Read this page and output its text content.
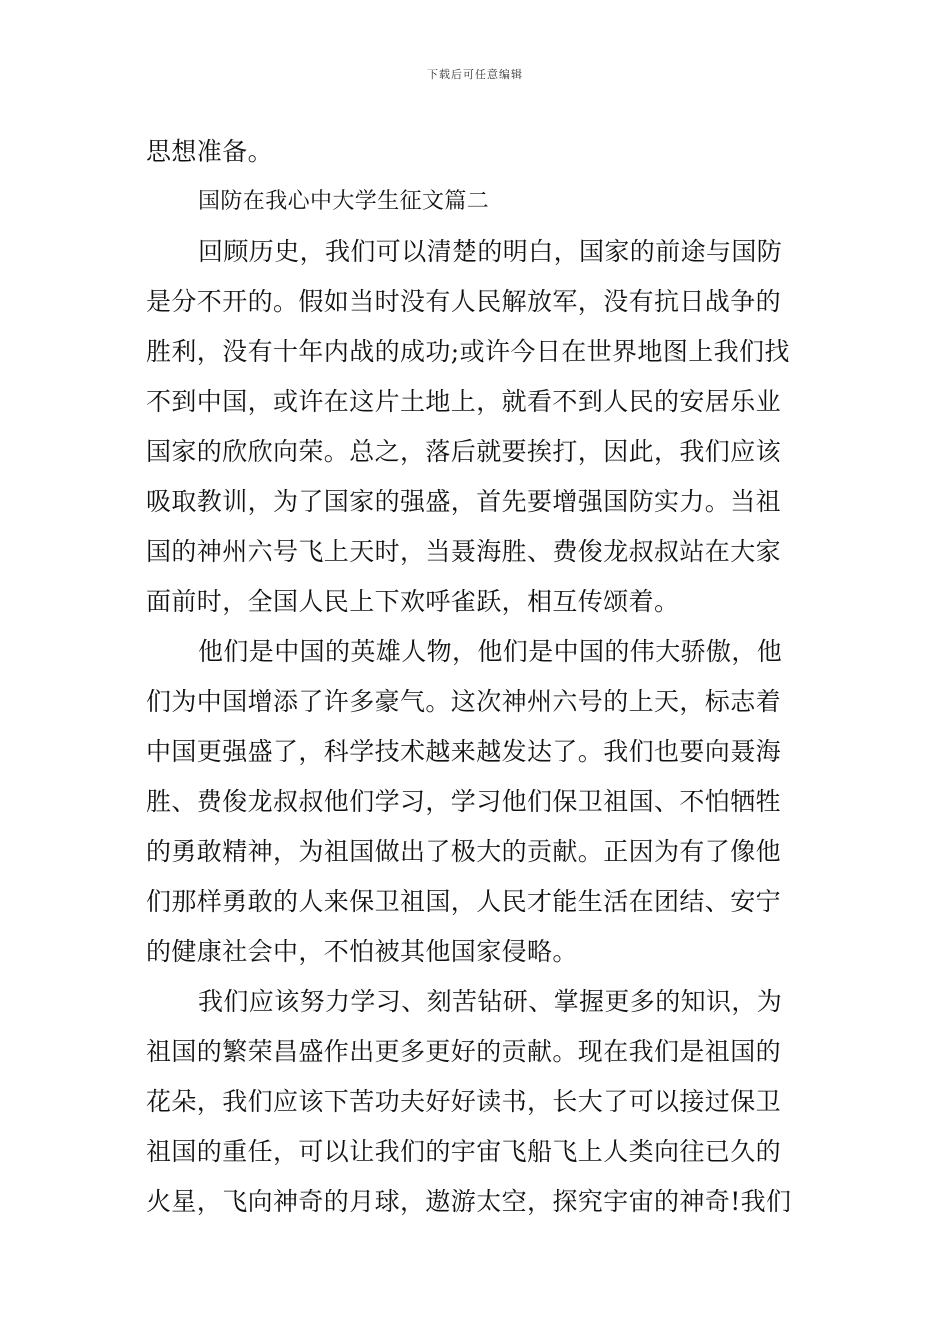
下载后可任意编辑
思想准备。
国防在我心中大学生征文篇二
回顾历史，我们可以清楚的明白，国家的前途与国防
是分不开的。假如当时没有人民解放军，没有抗日战争的
胜利，没有十年内战的成功;或许今日在世界地图上我们找
不到中国，或许在这片土地上，就看不到人民的安居乐业
国家的欣欣向荣。总之，落后就要挨打，因此，我们应该
吸取教训，为了国家的强盛，首先要增强国防实力。当祖
国的神州六号飞上天时，当聂海胜、费俊龙叔叔站在大家
面前时，全国人民上下欢呼雀跃，相互传颂着。
他们是中国的英雄人物，他们是中国的伟大骄傲，他
们为中国增添了许多豪气。这次神州六号的上天，标志着
中国更强盛了，科学技术越来越发达了。我们也要向聂海
胜、费俊龙叔叔他们学习，学习他们保卫祖国、不怕牺牲
的勇敢精神，为祖国做出了极大的贡献。正因为有了像他
们那样勇敢的人来保卫祖国，人民才能生活在团结、安宁
的健康社会中，不怕被其他国家侵略。
我们应该努力学习、刻苦钻研、掌握更多的知识，为
祖国的繁荣昌盛作出更多更好的贡献。现在我们是祖国的
花朵，我们应该下苦功夫好好读书，长大了可以接过保卫
祖国的重任，可以让我们的宇宙飞船飞上人类向往已久的
火星，飞向神奇的月球，遨游太空，探究宇宙的神奇!我们
